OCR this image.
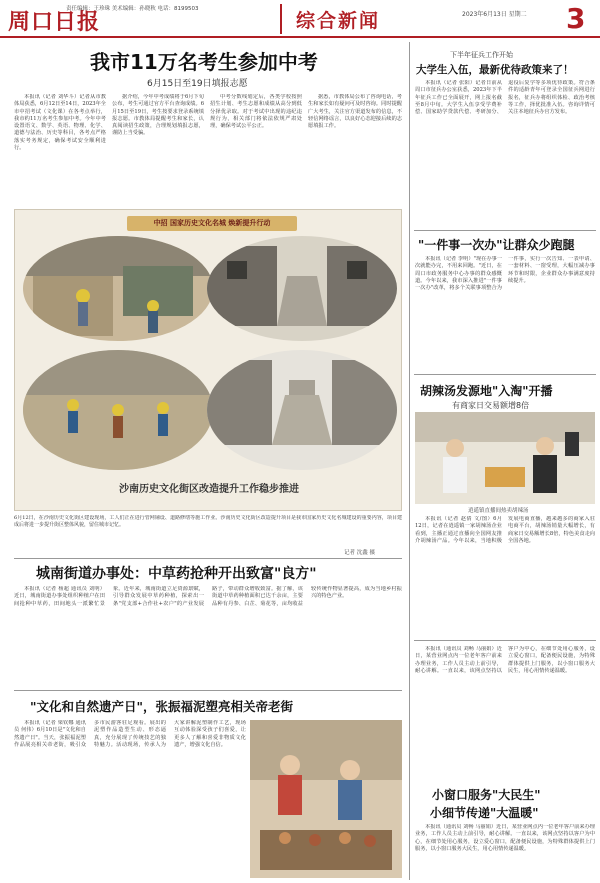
周口日报
责任编辑：王珍珠 美术编辑：孙晓秋 电话：8199503
综合新闻	2023年6月13日 星期二 3
我市11万名考生参加中考
6月15日至19日填报志愿

本报讯（记者 刘华斗）记者从市教体局获悉，6月12日至14日，2023年全市中招考试（文化课）在各考点举行，我市约11万名考生参加中考。今年中考设置语文、数学、英语、物理、化学、道德与法治、历史等科目，各考点严格落实考务规定，确保考试安全顺利进行。

据介绍，今年中考成绩将于6月下旬公布，考生可通过官方平台查询成绩。6月15日至19日，考生按要求登录系统填报志愿。市教体局提醒考生和家长，认真阅读招生政策，合理规划填报志愿，谨防上当受骗。

中考分数线划定后，各类学校按照招生计划、考生志愿和成绩从高分到低分择优录取。对于考试中出现的违纪违规行为，相关部门将依法依规严肃处理，确保考试公平公正。

据悉，市教体局公布了咨询电话，考生和家长如有疑问可及时咨询。同时提醒广大考生，关注官方渠道发布的信息，不轻信网络谣言，以良好心态迎接后续的志愿填报工作。

中招 国家历史文化名城 焕新提升行动
沙南历史文化街区改造提升工作稳步推进
6月12日，在沙南历史文化街区建设现场，工人们正在进行管网铺设、道路修缮等施工作业。沙南历史文化街区改造提升项目是我市国家历史文化名城建设的重要内容，项目建成后将进一步提升街区整体风貌，留住城市记忆。
记者 沈鑫 摄
城南街道办事处：中草药抢种开出致富"良方"

本报讯（记者 杨超 通讯员 刘明）近日，城南街道办事处组织种植户在田间抢种中草药，田间地头一派繁忙景象。近年来，城南街道立足资源禀赋，引导群众发展中草药种植，探索出一条"党支部+合作社+农户"的产业发展路子，带动群众增收致富。据了解，该街道中草药种植面积已达千余亩，主要品种有丹参、白芷、菊花等，亩均收益较传统作物显著提高，成为当地乡村振兴的特色产业。

"文化和自然遗产日"，张振福泥塑亮相关帝老街

本报讯（记者 梁钦娜 通讯员 何伟）6月10日是"文化和自然遗产日"。当天，张振福泥塑作品展亮相关帝老街，吸引众多市民游客驻足观看。展出的泥塑作品造型生动、形态逼真，充分展现了传统技艺的独特魅力。活动现场，传承人为大家讲解泥塑制作工艺，现场互动体验深受孩子们喜爱，让更多人了解和喜爱非物质文化遗产，增强文化自信。

下半年征兵工作开始
大学生入伍，最新优待政策来了！

本报讯（记者 张阳）记者日前从周口市征兵办公室获悉，2023年下半年征兵工作已全面展开，网上报名截至8月中旬。大学生入伍享受学费补偿、国家助学贷款代偿、考研加分、退役后复学等多项优待政策。符合条件的适龄青年可登录全国征兵网进行报名，征兵办将组织体检、政治考核等工作，择优批准入伍。咨询详情可关注本地征兵办官方发布。

"一件事一次办"让群众少跑腿

本报讯（记者 李明）"现在办事一次就能办完，不用来回跑。"近日，在周口市政务服务中心办事的群众感慨道。今年以来，我市深入推进"一件事一次办"改革，将多个关联事项整合为一件事，实行一次告知、一表申请、一套材料、一窗受理，大幅压减办事环节和时限，企业群众办事满意度持续提升。

胡辣汤发源地"入淘"开播
有商家日交易额增8倍
逍遥镇直播间热卖胡辣汤

本报讯（记者 赵倩 文/图）6月12日，记者在逍遥镇一家胡辣汤企业看到，主播正通过直播向全国网友推介胡辣汤产品。今年以来，当地积极发展电商直播，越来越多的商家入驻电商平台，胡辣汤销量大幅增长，有商家日交易额增长8倍，特色美食走向全国各地。

小窗口服务"大民生"
小细节传递"大温暖"

本报讯（通讯员 刘畅 马丽娟）近日，某营业网点内一位老年客户前来办理业务，工作人员主动上前引导，耐心讲解。一直以来，该网点坚持以客户为中心，在细节处用心服务，设立爱心窗口，配备便民设施，为特殊群体提供上门服务，以小窗口服务大民生，用心用情传递温暖。

本报讯（通讯员 刘畅 马丽娟）近日，某营业网点内一位老年客户前来办理业务，工作人员主动上前引导，耐心讲解。一直以来，该网点坚持以客户为中心，在细节处用心服务，设立爱心窗口，配备便民设施，为特殊群体提供上门服务，以小窗口服务大民生，用心用情传递温暖。
